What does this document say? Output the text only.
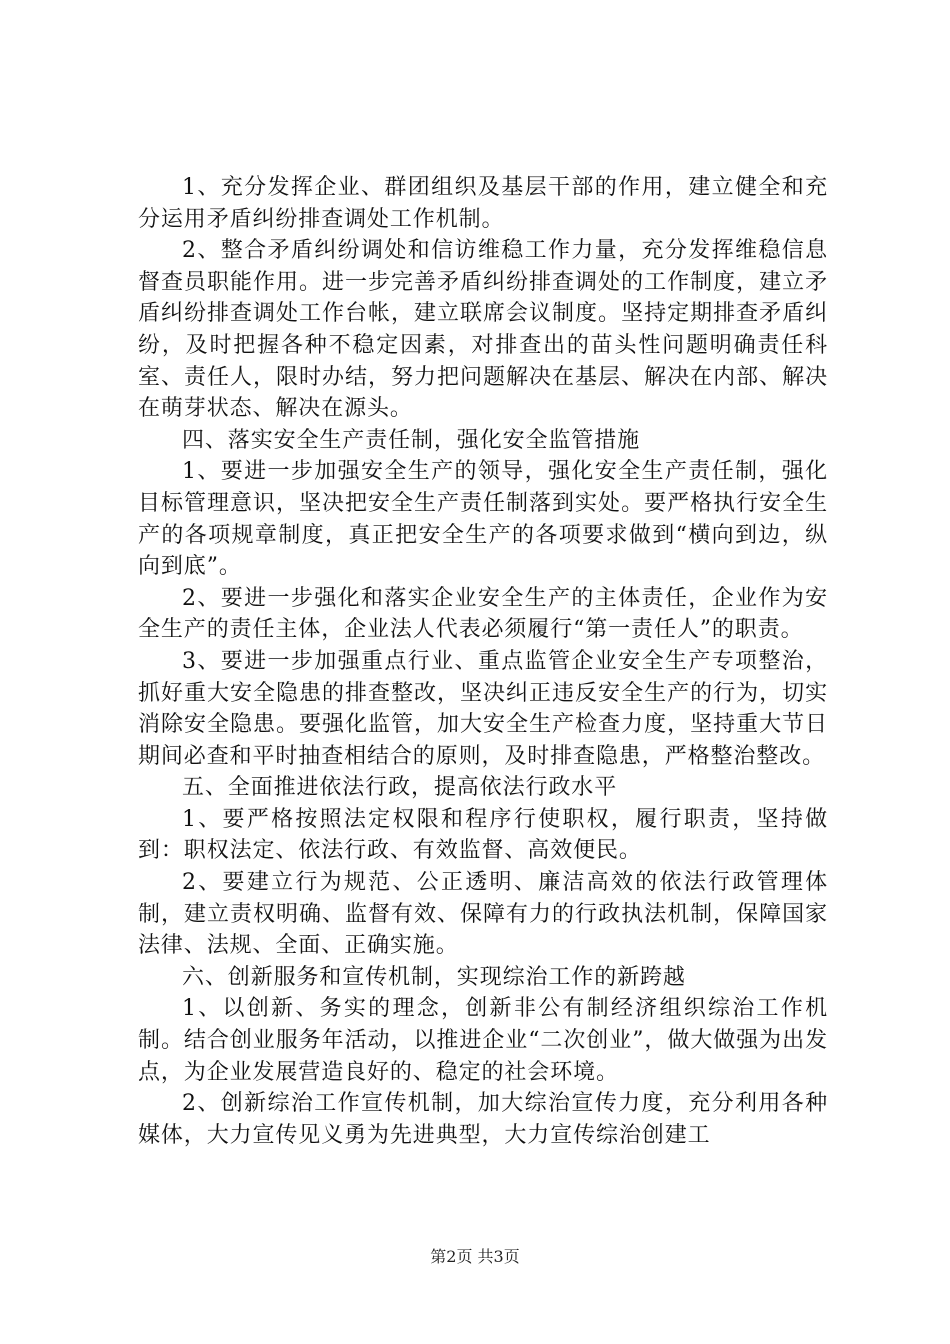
1、充分发挥企业、群团组织及基层干部的作用，建立健全和充分运用矛盾纠纷排查调处工作机制。

2、整合矛盾纠纷调处和信访维稳工作力量，充分发挥维稳信息督查员职能作用。进一步完善矛盾纠纷排查调处的工作制度，建立矛盾纠纷排查调处工作台帐，建立联席会议制度。坚持定期排查矛盾纠纷，及时把握各种不稳定因素，对排查出的苗头性问题明确责任科室、责任人，限时办结，努力把问题解决在基层、解决在内部、解决在萌芽状态、解决在源头。

四、落实安全生产责任制，强化安全监管措施

1、要进一步加强安全生产的领导，强化安全生产责任制，强化目标管理意识，坚决把安全生产责任制落到实处。要严格执行安全生产的各项规章制度，真正把安全生产的各项要求做到“横向到边，纵向到底”。

2、要进一步强化和落实企业安全生产的主体责任，企业作为安全生产的责任主体，企业法人代表必须履行“第一责任人”的职责。

3、要进一步加强重点行业、重点监管企业安全生产专项整治，抓好重大安全隐患的排查整改，坚决纠正违反安全生产的行为，切实消除安全隐患。要强化监管，加大安全生产检查力度，坚持重大节日期间必查和平时抽查相结合的原则，及时排查隐患，严格整治整改。

五、全面推进依法行政，提高依法行政水平

1、要严格按照法定权限和程序行使职权，履行职责，坚持做到：职权法定、依法行政、有效监督、高效便民。

2、要建立行为规范、公正透明、廉洁高效的依法行政管理体制，建立责权明确、监督有效、保障有力的行政执法机制，保障国家法律、法规、全面、正确实施。

六、创新服务和宣传机制，实现综治工作的新跨越

1、以创新、务实的理念，创新非公有制经济组织综治工作机制。结合创业服务年活动，以推进企业“二次创业”，做大做强为出发点，为企业发展营造良好的、稳定的社会环境。

2、创新综治工作宣传机制，加大综治宣传力度，充分利用各种媒体，大力宣传见义勇为先进典型，大力宣传综治创建工

第2页 共3页
